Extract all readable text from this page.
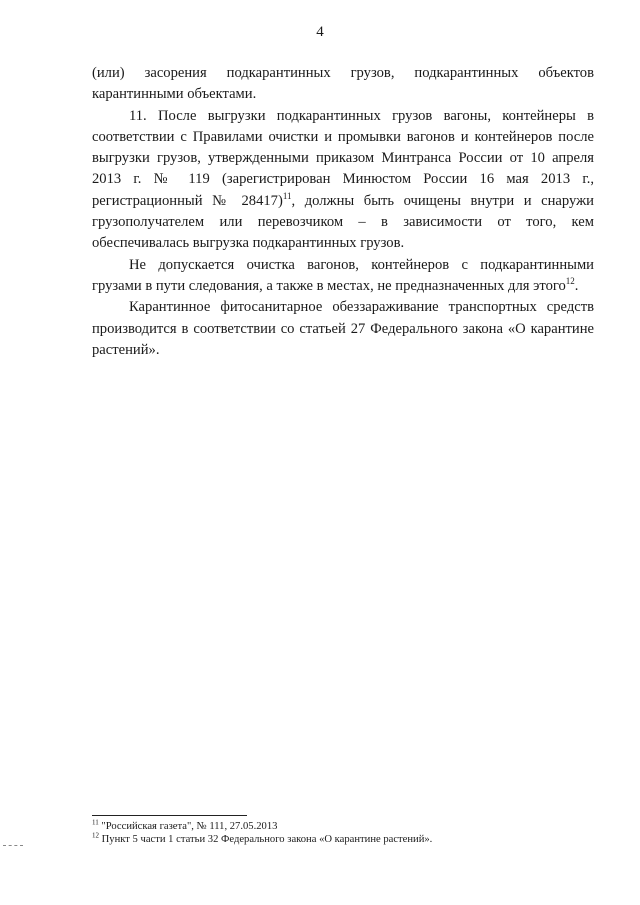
4

(или) засорения подкарантинных грузов, подкарантинных объектов карантинными объектами.

11. После выгрузки подкарантинных грузов вагоны, контейнеры в соответствии с Правилами очистки и промывки вагонов и контейнеров после выгрузки грузов, утвержденными приказом Минтранса России от 10 апреля 2013 г. № 119 (зарегистрирован Минюстом России 16 мая 2013 г., регистрационный № 28417)$^{11}$, должны быть очищены внутри и снаружи грузополучателем или перевозчиком – в зависимости от того, кем обеспечивалась выгрузка подкарантинных грузов.

Не допускается очистка вагонов, контейнеров с подкарантинными грузами в пути следования, а также в местах, не предназначенных для этого$^{12}$.

Карантинное фитосанитарное обеззараживание транспортных средств производится в соответствии со статьей 27 Федерального закона «О карантине растений».

$^{11}$ "Российская газета", № 111, 27.05.2013
$^{12}$ Пункт 5 части 1 статьи 32 Федерального закона «О карантине растений».
